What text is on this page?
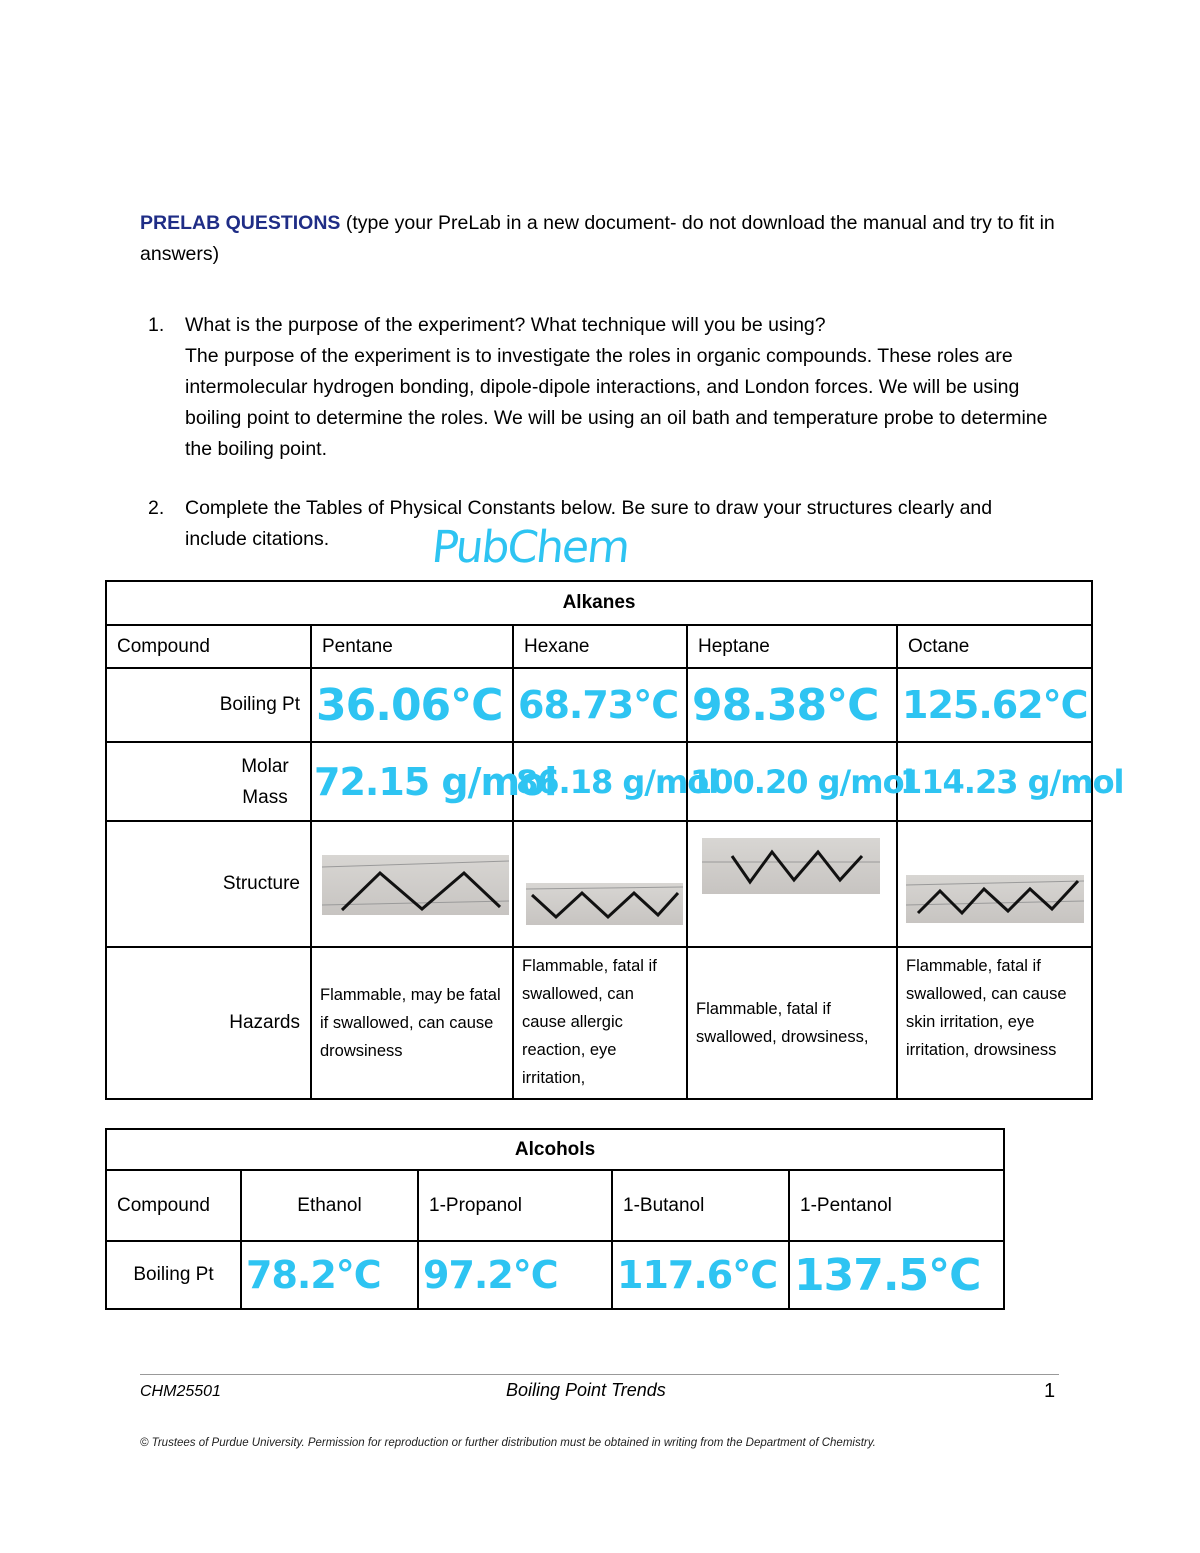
PRELAB QUESTIONS (type your PreLab in a new document- do not download the manual and try to fit in answers)
1. What is the purpose of the experiment? What technique will you be using?
The purpose of the experiment is to investigate the roles in organic compounds. These roles are intermolecular hydrogen bonding, dipole-dipole interactions, and London forces. We will be using boiling point to determine the roles. We will be using an oil bath and temperature probe to determine the boiling point.
2. Complete the Tables of Physical Constants below. Be sure to draw your structures clearly and include citations.	PubChem
Alkanes				
Compound	Pentane	Hexane	Heptane	Octane
Boiling Pt	36.06°C	68.73°C	98.38°C	125.62°C
Molar Mass	72.15 g/mol	86.18 g/mol	100.20 g/mol	114.23 g/mol
Structure	

Hazards	Flammable, may be fatal if swallowed, can cause drowsiness	Flammable, fatal if swallowed, can cause allergic reaction, eye irritation,	Flammable, fatal if swallowed, drowsiness,	Flammable, fatal if swallowed, can cause skin irritation, eye irritation, drowsiness
Alcohols				
Compound	Ethanol	1-Propanol	1-Butanol	1-Pentanol
Boiling Pt	78.2°C	97.2°C	117.6°C	137.5°C
CHM25501	Boiling Point Trends	1
© Trustees of Purdue University. Permission for reproduction or further distribution must be obtained in writing from the Department of Chemistry.
